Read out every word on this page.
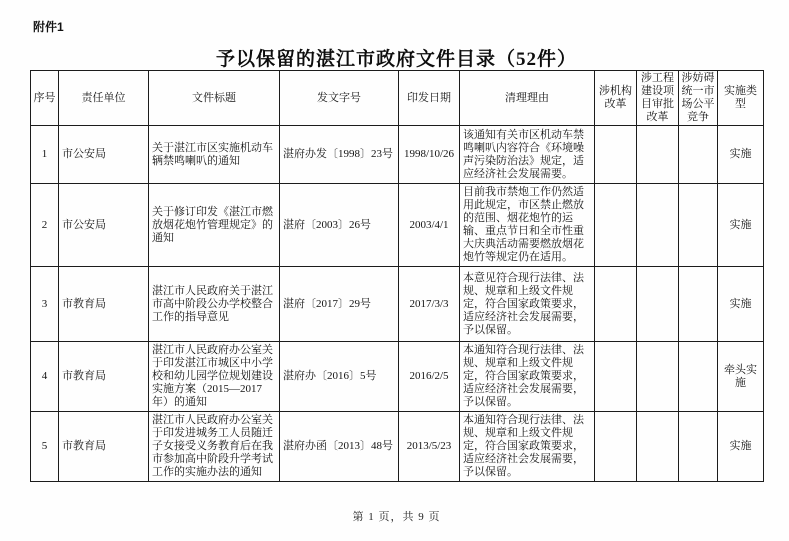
附件1
予以保留的湛江市政府文件目录（52件）
序号	责任单位	文件标题	发文字号	印发日期	清理理由	涉机构改革	涉工程建设项目审批改革	涉妨碍统一市场公平竞争	实施类型
1	市公安局	关于湛江市区实施机动车辆禁鸣喇叭的通知	湛府办发〔1998〕23号	1998/10/26	该通知有关市区机动车禁鸣喇叭内容符合《环境噪声污染防治法》规定，适应经济社会发展需要。				实施
2	市公安局	关于修订印发《湛江市燃放烟花炮竹管理规定》的通知	湛府〔2003〕26号	2003/4/1	目前我市禁炮工作仍然适用此规定，市区禁止燃放的范围、烟花炮竹的运输、重点节日和全市性重大庆典活动需要燃放烟花炮竹等规定仍在适用。				实施
3	市教育局	湛江市人民政府关于湛江市高中阶段公办学校整合工作的指导意见	湛府〔2017〕29号	2017/3/3	本意见符合现行法律、法规、规章和上级文件规定，符合国家政策要求，适应经济社会发展需要，予以保留。				实施
4	市教育局	湛江市人民政府办公室关于印发湛江市城区中小学校和幼儿园学位规划建设实施方案（2015—2017年）的通知	湛府办〔2016〕5号	2016/2/5	本通知符合现行法律、法规、规章和上级文件规定，符合国家政策要求，适应经济社会发展需要，予以保留。				牵头实施
5	市教育局	湛江市人民政府办公室关于印发进城务工人员随迁子女接受义务教育后在我市参加高中阶段升学考试工作的实施办法的通知	湛府办函〔2013〕48号	2013/5/23	本通知符合现行法律、法规、规章和上级文件规定，符合国家政策要求，适应经济社会发展需要，予以保留。				实施
第 1 页，共 9 页
